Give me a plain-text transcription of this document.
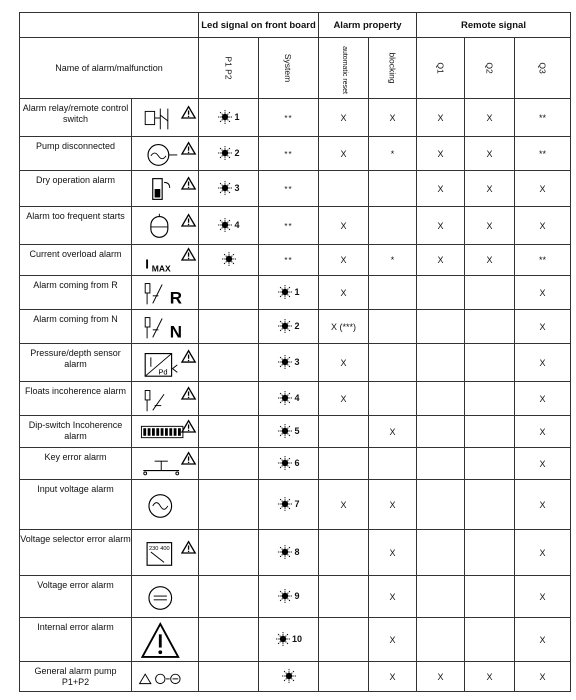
		Led signal on front board		Alarm property		Remote signal		
Name of alarm/malfunction		P1 P2	System	automatic reset	blocking	Q1	Q2	Q3
Alarm relay/remote control switch		1	**	X	X	X	X	**
Pump disconnected		2	**	X	*	X	X	**
Dry operation alarm		3	**			X	X	X
Alarm too frequent starts		4	**	X		X	X	X
Current overload alarm	I MAX		**	X	*	X	X	**
Alarm coming from R	R		1	X				X
Alarm coming from N	N		2	X (***)				X
Pressure/depth sensor alarm	Pd		3	X				X
Floats incoherence alarm			4	X				X
Dip-switch Incoherence alarm			5		X			X
Key error alarm			6					X
Input voltage alarm			7	X	X			X
Voltage selector error alarm	230 400		8		X			X
Voltage error alarm			9		X			X
Internal error alarm			10		X			X
General alarm pump P1+P2					X	X	X	X
